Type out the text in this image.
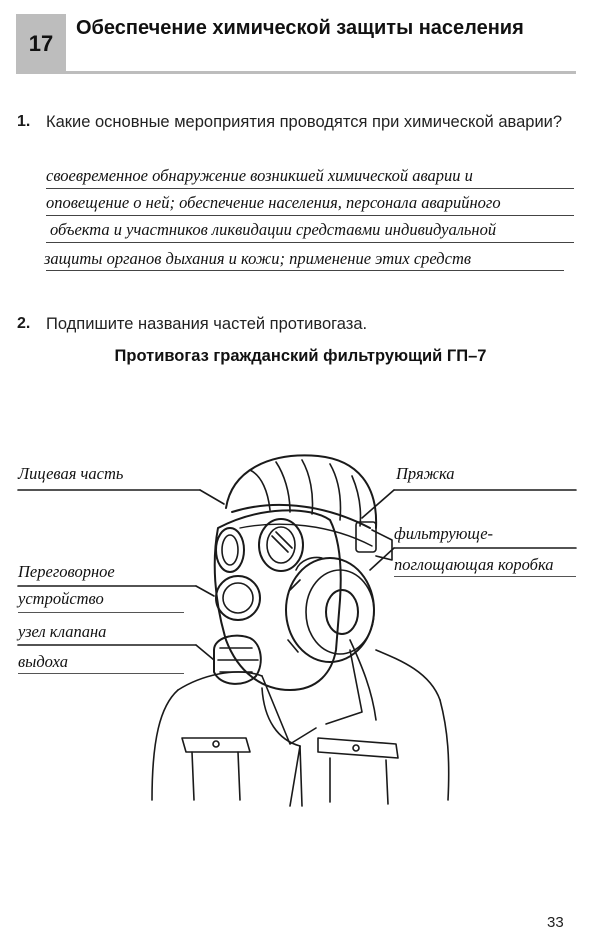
17
Обеспечение химической защиты населения
1. Какие основные мероприятия проводятся при химической аварии?
своевременное обнаружение возникшей химической аварии и
оповещение о ней; обеспечение населения, персонала аварийного
объекта и участников ликвидации средставми индивидуальной
защиты органов дыхания и кожи; применение этих средств
2. Подпишите названия частей противогаза.
Противогаз гражданский фильтрующий ГП–7
Лицевая часть
Переговорное
устройство
узел клапана
выдоха
Пряжка
фильтрующе-
поглощающая коробка
33
